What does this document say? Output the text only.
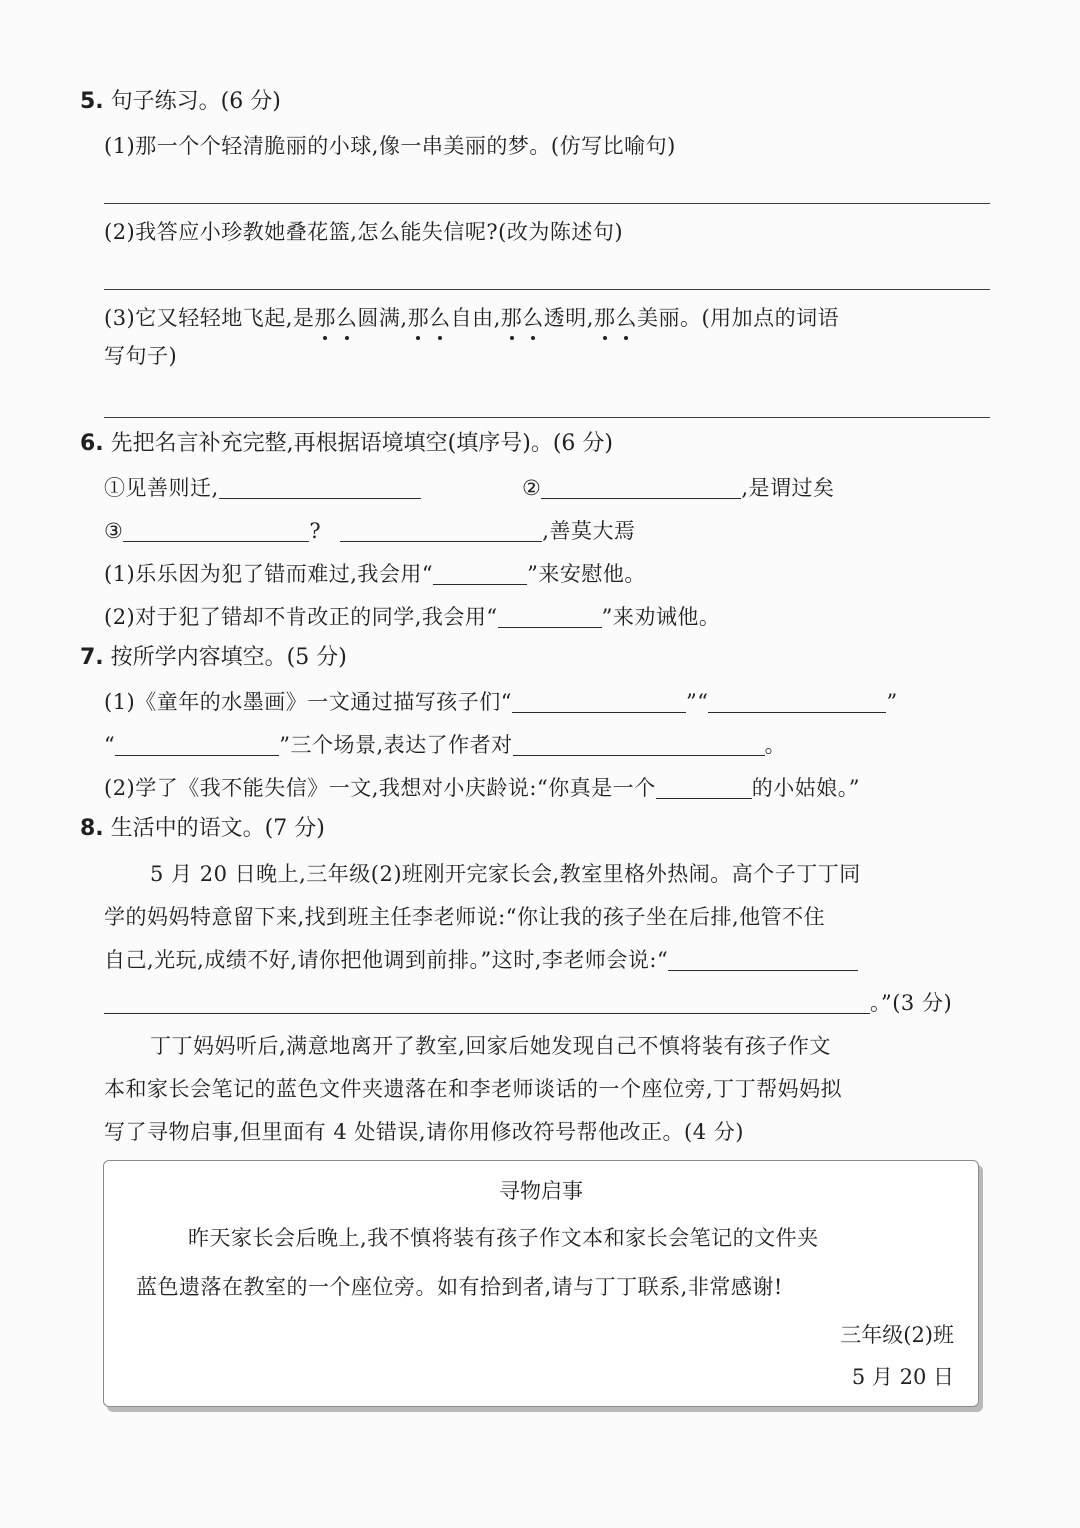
5. 句子练习。(6 分)
(1)那一个个轻清脆丽的小球,像一串美丽的梦。(仿写比喻句)
(2)我答应小珍教她叠花篮,怎么能失信呢?(改为陈述句)
(3)它又轻轻地飞起,是那么圆满,那么自由,那么透明,那么美丽。(用加点的词语
写句子)
6. 先把名言补充完整,再根据语境填空(填序号)。(6 分)
①见善则迁,	②	,是谓过矣
③	?	,善莫大焉
(1)乐乐因为犯了错而难过,我会用“	”来安慰他。
(2)对于犯了错却不肯改正的同学,我会用“	”来劝诫他。
7. 按所学内容填空。(5 分)
(1)《童年的水墨画》一文通过描写孩子们“	”“	”
“	”三个场景,表达了作者对	。
(2)学了《我不能失信》一文,我想对小庆龄说:“你真是一个	的小姑娘。”
8. 生活中的语文。(7 分)
5 月 20 日晚上,三年级(2)班刚开完家长会,教室里格外热闹。高个子丁丁同
学的妈妈特意留下来,找到班主任李老师说:“你让我的孩子坐在后排,他管不住
自己,光玩,成绩不好,请你把他调到前排。”这时,李老师会说:“
。”(3 分)
丁丁妈妈听后,满意地离开了教室,回家后她发现自己不慎将装有孩子作文
本和家长会笔记的蓝色文件夹遗落在和李老师谈话的一个座位旁,丁丁帮妈妈拟
写了寻物启事,但里面有 4 处错误,请你用修改符号帮他改正。(4 分)
寻物启事
昨天家长会后晚上,我不慎将装有孩子作文本和家长会笔记的文件夹
蓝色遗落在教室的一个座位旁。如有拾到者,请与丁丁联系,非常感谢!
三年级(2)班
5 月 20 日
